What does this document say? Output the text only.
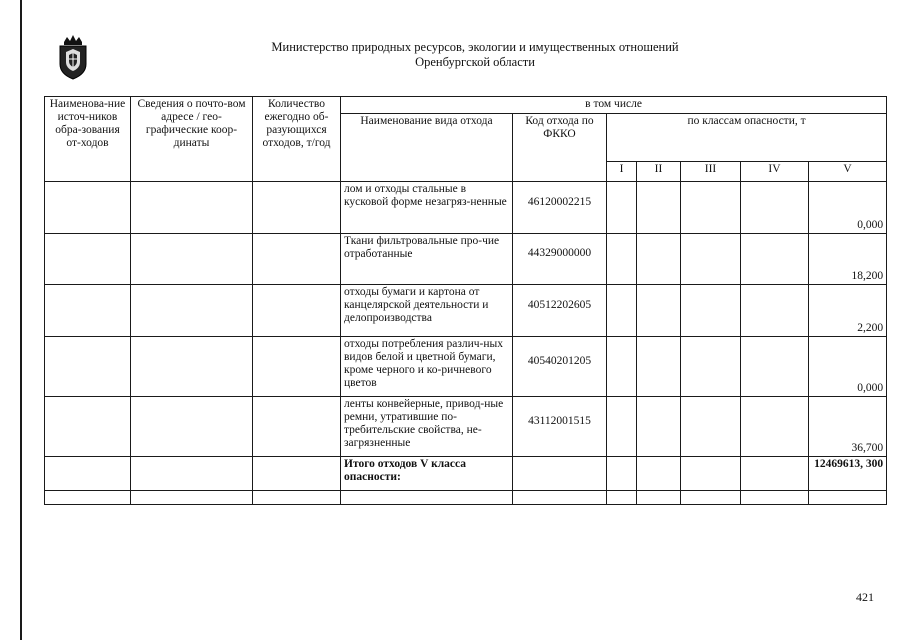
Министерство природных ресурсов, экологии и имущественных отношений
Оренбургской области
Наименова-ние источ-ников обра-зования от-ходов	Сведения о почто-вом адресе / гео-графические коор-динаты	Количество ежегодно об-разующихся отходов, т/год	в том числе						
			Наименование вида отхода	Код отхода по ФККО	по классам опасности, т				
					I	II	III	IV	V
			лом и отходы стальные в кусковой форме незагряз-ненные	46120002215					0,000
			Ткани фильтровальные про-чие отработанные	44329000000					18,200
			отходы бумаги и картона от канцелярской деятельности и делопроизводства	40512202605					2,200
			отходы потребления различ-ных видов белой и цветной бумаги, кроме черного и ко-ричневого цветов	40540201205					0,000
			ленты конвейерные, привод-ные ремни, утратившие по-требительские свойства, не-загрязненные	43112001515					36,700
			Итого отходов V класса опасности:						12469613, 300

421
